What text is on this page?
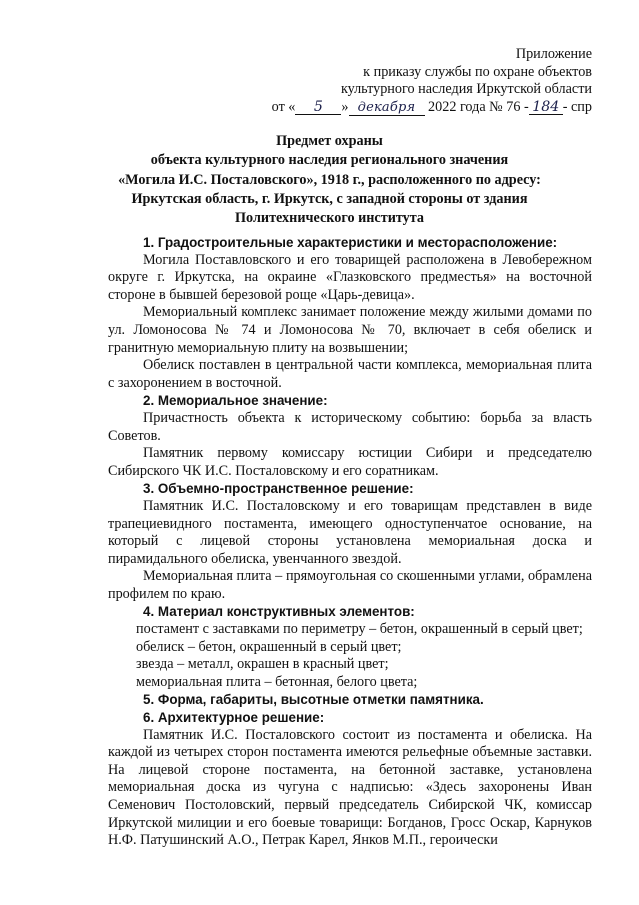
Приложение
к приказу службы по охране объектов
культурного наследия Иркутской области
от « 5 » декабря 2022 года № 76 - 184 - спр
Предмет охраны
объекта культурного наследия регионального значения
«Могила И.С. Посталовского», 1918 г., расположенного по адресу:
Иркутская область, г. Иркутск, с западной стороны от здания
Политехнического института

1. Градостроительные характеристики и месторасположение:

Могила Поставловского и его товарищей расположена в Левобережном округе г. Иркутска, на окраине «Глазковского предместья» на восточной стороне в бывшей березовой роще «Царь-девица».

Мемориальный комплекс занимает положение между жилыми домами по ул. Ломоносова № 74 и Ломоносова № 70, включает в себя обелиск и гранитную мемориальную плиту на возвышении;

Обелиск поставлен в центральной части комплекса, мемориальная плита с захоронением в восточной.

2. Мемориальное значение:

Причастность объекта к историческому событию: борьба за власть Советов.

Памятник первому комиссару юстиции Сибири и председателю Сибирского ЧК И.С. Посталовскому и его соратникам.

3. Объемно-пространственное решение:

Памятник И.С. Посталовскому и его товарищам представлен в виде трапециевидного постамента, имеющего одноступенчатое основание, на который с лицевой стороны установлена мемориальная доска и пирамидального обелиска, увенчанного звездой.

Мемориальная плита – прямоугольная со скошенными углами, обрамлена профилем по краю.

4. Материал конструктивных элементов:

постамент с заставками по периметру – бетон, окрашенный в серый цвет;

обелиск – бетон, окрашенный в серый цвет;

звезда – металл, окрашен в красный цвет;

мемориальная плита – бетонная, белого цвета;

5. Форма, габариты, высотные отметки памятника.

6. Архитектурное решение:

Памятник И.С. Посталовского состоит из постамента и обелиска. На каждой из четырех сторон постамента имеются рельефные объемные заставки. На лицевой стороне постамента, на бетонной заставке, установлена мемориальная доска из чугуна с надписью: «Здесь захоронены Иван Семенович Постоловский, первый председатель Сибирской ЧК, комиссар Иркутской милиции и его боевые товарищи: Богданов, Гросс Оскар, Карнуков Н.Ф. Патушинский А.О., Петрак Карел, Янков М.П., героически
